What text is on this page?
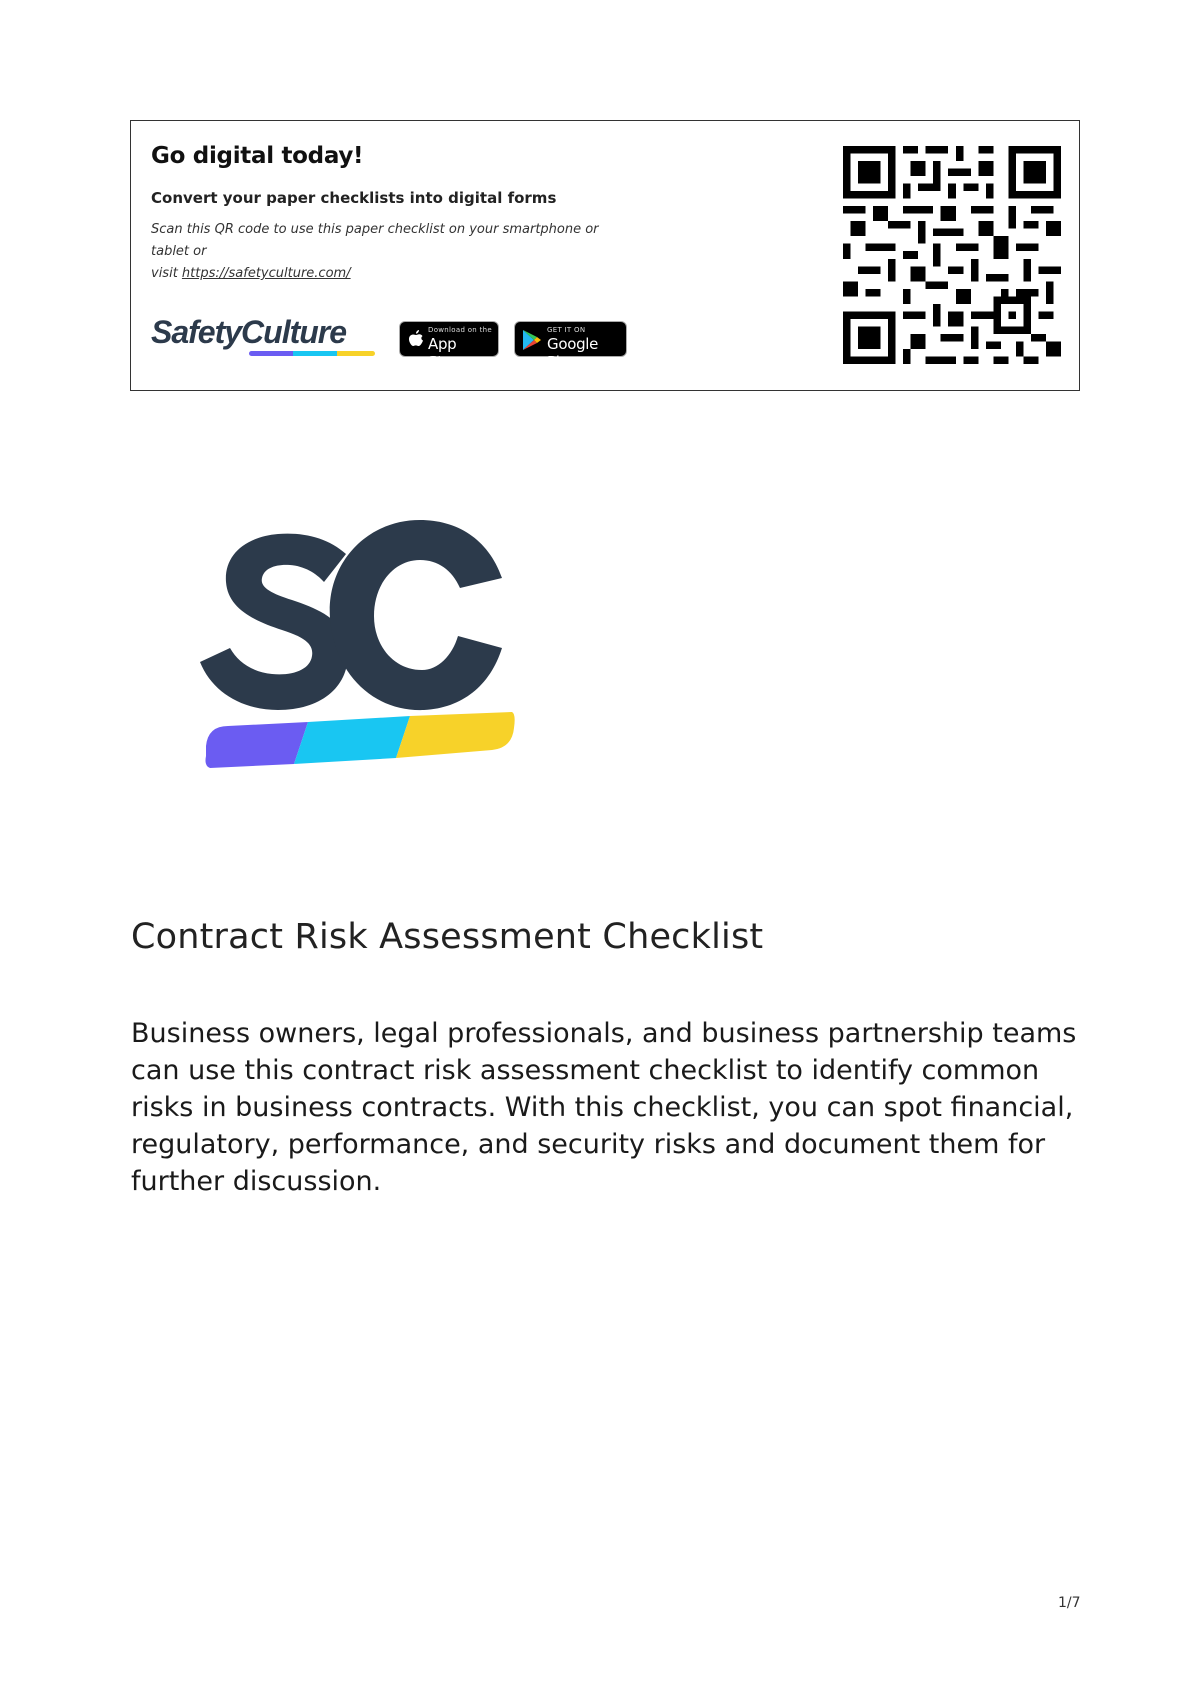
Go digital today!
Convert your paper checklists into digital forms
Scan this QR code to use this paper checklist on your smartphone or tablet or
visit https://safetyculture.com/
SafetyCulture	Download on the
App Store
GET IT ON
Google Play
Contract Risk Assessment Checklist

Business owners, legal professionals, and business partnership teams can use this contract risk assessment checklist to identify common risks in business contracts. With this checklist, you can spot financial, regulatory, performance, and security risks and document them for further discussion.

1/7
